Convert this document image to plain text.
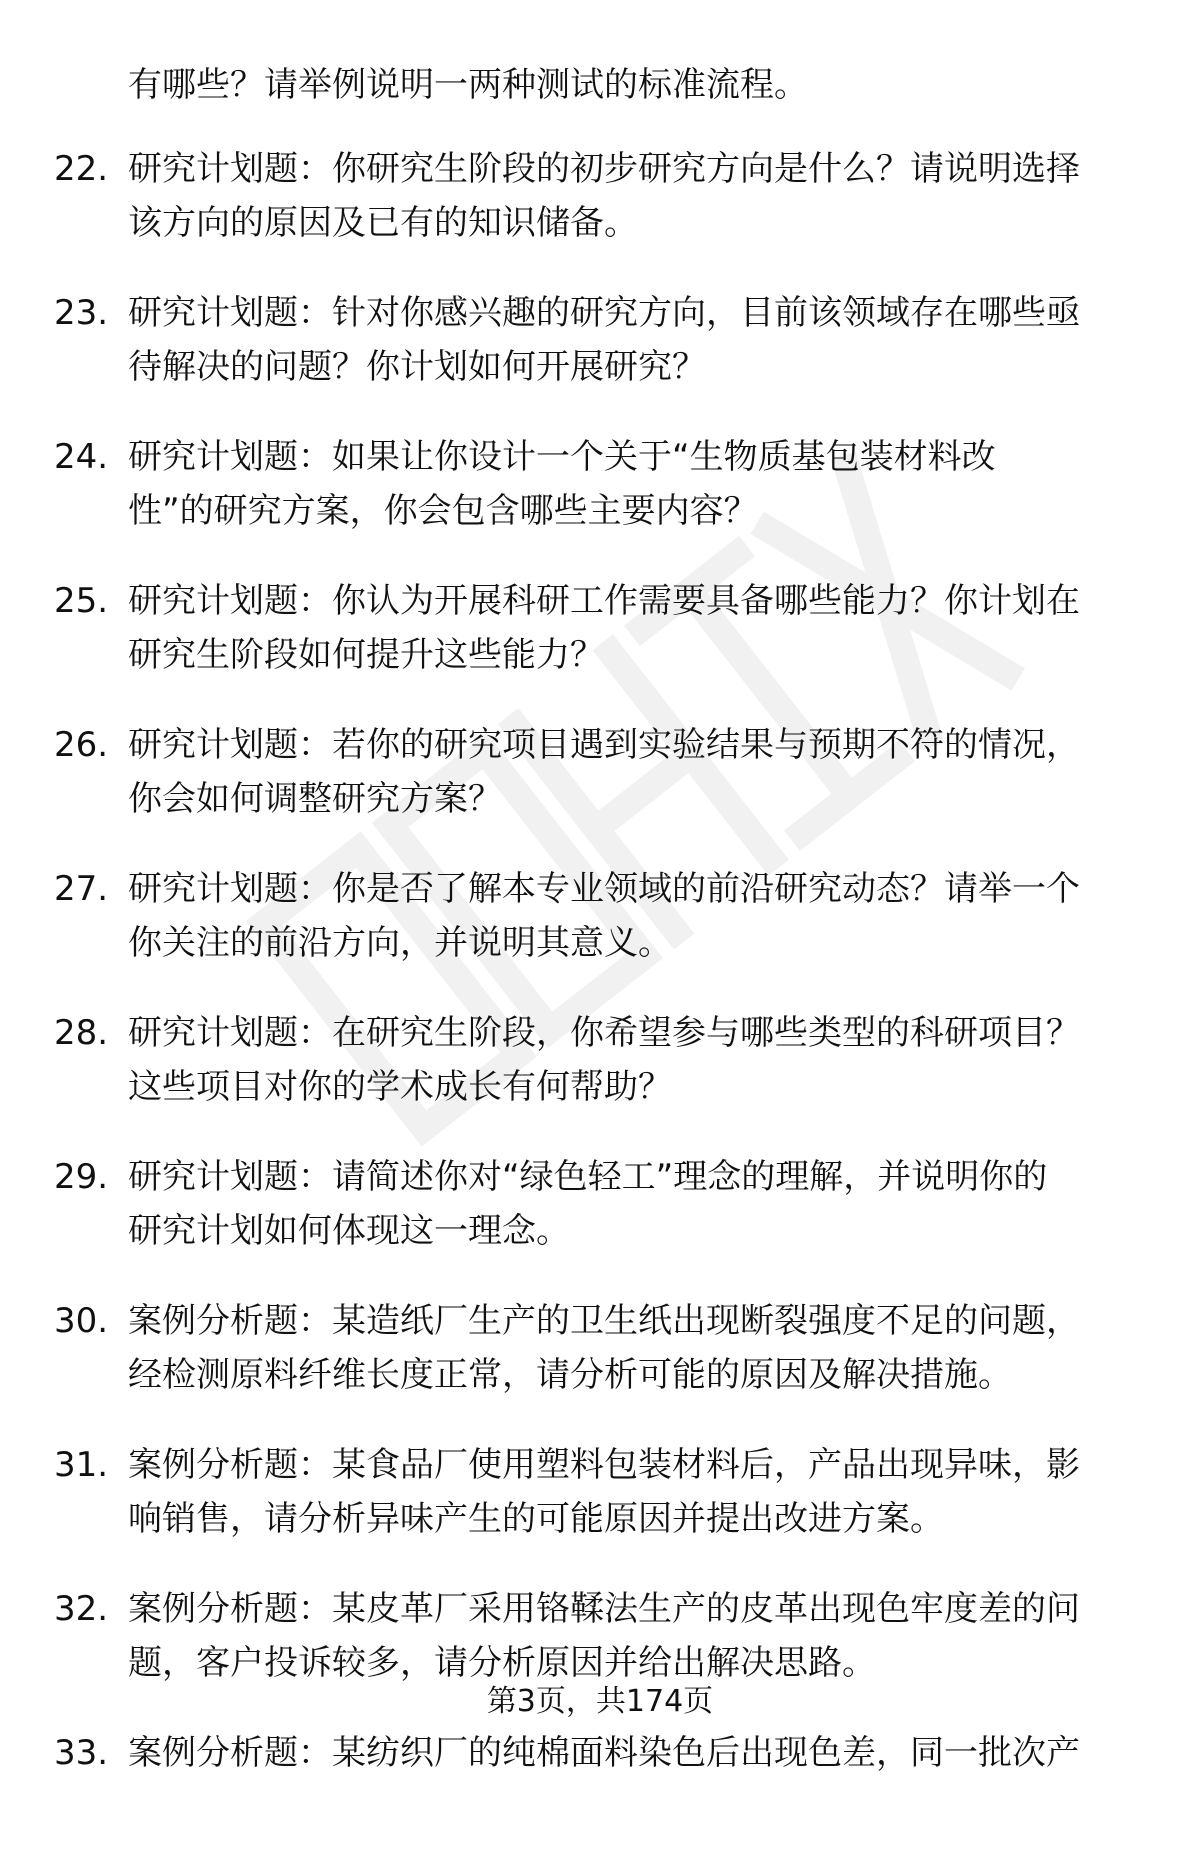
有哪些？请举例说明一两种测试的标准流程。
22. 研究计划题：你研究生阶段的初步研究方向是什么？请说明选择
该方向的原因及已有的知识储备。
23. 研究计划题：针对你感兴趣的研究方向，目前该领域存在哪些亟
待解决的问题？你计划如何开展研究？
24. 研究计划题：如果让你设计一个关于“生物质基包装材料改
性”的研究方案，你会包含哪些主要内容？
25. 研究计划题：你认为开展科研工作需要具备哪些能力？你计划在
研究生阶段如何提升这些能力？
26. 研究计划题：若你的研究项目遇到实验结果与预期不符的情况，
你会如何调整研究方案？
27. 研究计划题：你是否了解本专业领域的前沿研究动态？请举一个
你关注的前沿方向，并说明其意义。
28. 研究计划题：在研究生阶段，你希望参与哪些类型的科研项目？
这些项目对你的学术成长有何帮助？
29. 研究计划题：请简述你对“绿色轻工”理念的理解，并说明你的
研究计划如何体现这一理念。
30. 案例分析题：某造纸厂生产的卫生纸出现断裂强度不足的问题，
经检测原料纤维长度正常，请分析可能的原因及解决措施。
31. 案例分析题：某食品厂使用塑料包装材料后，产品出现异味，影
响销售，请分析异味产生的可能原因并提出改进方案。
32. 案例分析题：某皮革厂采用铬鞣法生产的皮革出现色牢度差的问
题，客户投诉较多，请分析原因并给出解决思路。
33. 案例分析题：某纺织厂的纯棉面料染色后出现色差，同一批次产
第3页，共174页
